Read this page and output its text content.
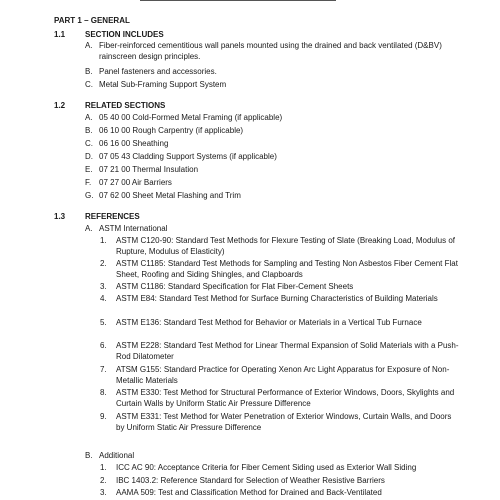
PART 1 – GENERAL
1.1 SECTION INCLUDES
A. Fiber-reinforced cementitious wall panels mounted using the drained and back ventilated (D&BV) rainscreen design principles.
B. Panel fasteners and accessories.
C. Metal Sub-Framing Support System
1.2 RELATED SECTIONS
A. 05 40 00 Cold-Formed Metal Framing (if applicable)
B. 06 10 00 Rough Carpentry (if applicable)
C. 06 16 00 Sheathing
D. 07 05 43 Cladding Support Systems (if applicable)
E. 07 21 00 Thermal Insulation
F. 07 27 00 Air Barriers
G. 07 62 00 Sheet Metal Flashing and Trim
1.3 REFERENCES
A. ASTM International
1. ASTM C120-90: Standard Test Methods for Flexure Testing of Slate (Breaking Load, Modulus of Rupture, Modulus of Elasticity)
2. ASTM C1185: Standard Test Methods for Sampling and Testing Non Asbestos Fiber Cement Flat Sheet, Roofing and Siding Shingles, and Clapboards
3. ASTM C1186: Standard Specification for Flat Fiber-Cement Sheets
4. ASTM E84: Standard Test Method for Surface Burning Characteristics of Building Materials
5. ASTM E136: Standard Test Method for Behavior or Materials in a Vertical Tub Furnace
6. ASTM E228: Standard Test Method for Linear Thermal Expansion of Solid Materials with a Push-Rod Dilatometer
7. ATSM G155: Standard Practice for Operating Xenon Arc Light Apparatus for Exposure of Non-Metallic Materials
8. ASTM E330: Test Method for Structural Performance of Exterior Windows, Doors, Skylights and Curtain Walls by Uniform Static Air Pressure Difference
9. ASTM E331: Test Method for Water Penetration of Exterior Windows, Curtain Walls, and Doors by Uniform Static Air Pressure Difference
B. Additional
1. ICC AC 90: Acceptance Criteria for Fiber Cement Siding used as Exterior Wall Siding
2. IBC 1403.2: Reference Standard for Selection of Weather Resistive Barriers
3. AAMA 509: Test and Classification Method for Drained and Back-Ventilated
